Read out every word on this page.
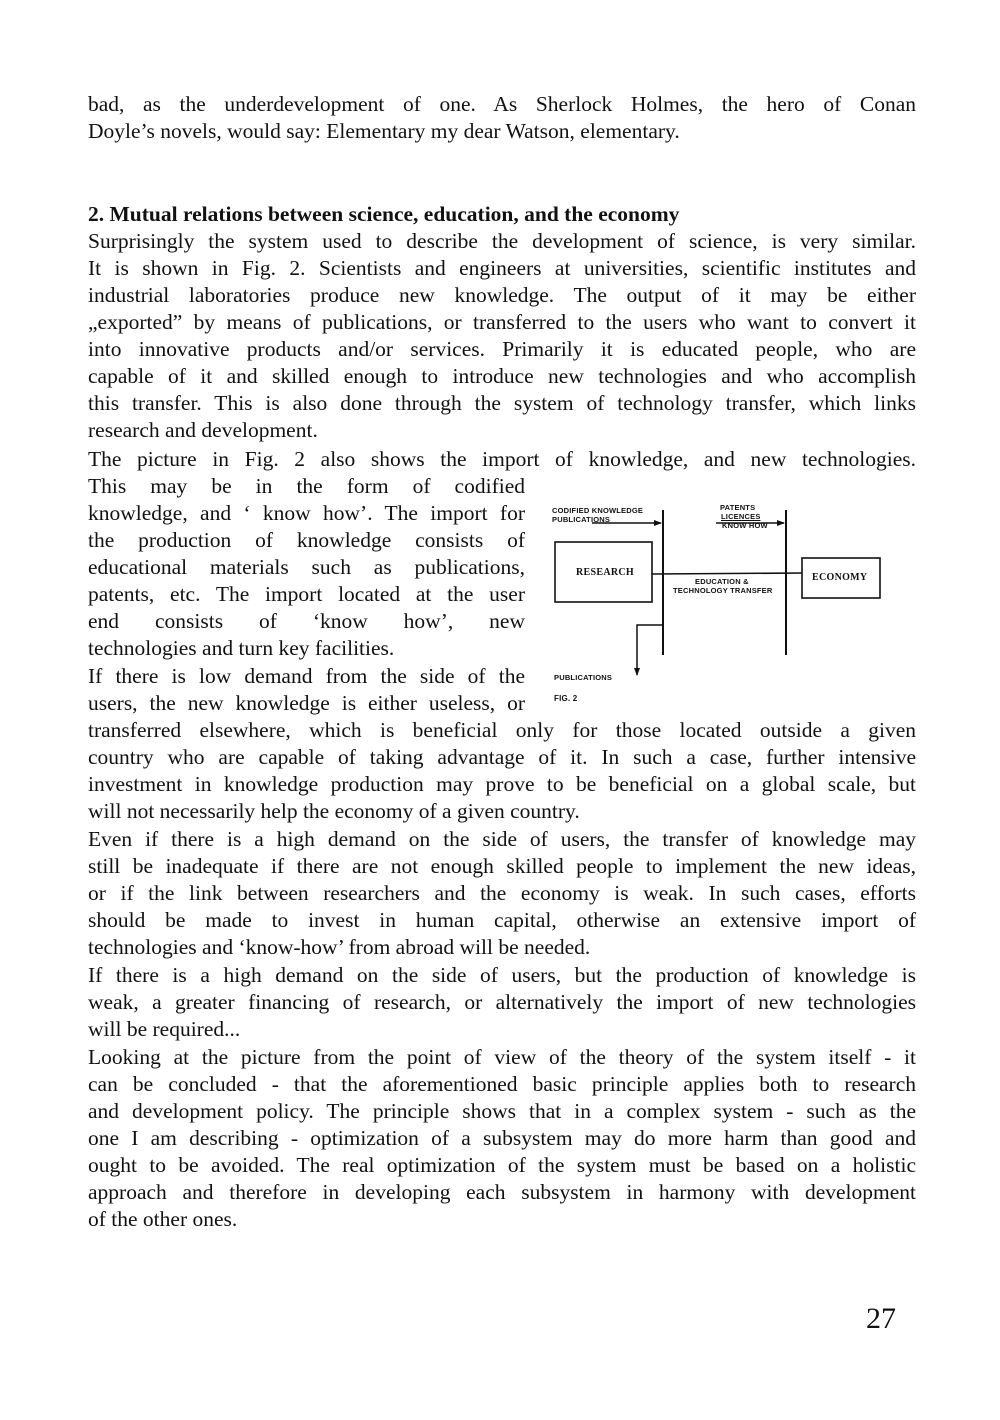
bad, as the underdevelopment of one. As Sherlock Holmes, the hero of Conan
Doyle’s novels, would say: Elementary my dear Watson, elementary.
2. Mutual relations between science, education, and the economy
Surprisingly the system used to describe the development of science, is very similar.
It is shown in Fig. 2. Scientists and engineers at universities, scientific institutes and
industrial laboratories produce new knowledge. The output of it may be either
„exported” by means of publications, or transferred to the users who want to convert it
into innovative products and/or services. Primarily it is educated people, who are
capable of it and skilled enough to introduce new technologies and who accomplish
this transfer. This is also done through the system of technology transfer, which links
research and development.
The picture in Fig. 2 also shows the import of knowledge, and new technologies.
This may be in the form of codified
knowledge, and ‘ know how’. The import for
the production of knowledge consists of
educational materials such as publications,
patents, etc. The import located at the user
end consists of ‘know how’, new
technologies and turn key facilities.
If there is low demand from the side of the
users, the new knowledge is either useless, or
transferred elsewhere, which is beneficial only for those located outside a given
country who are capable of taking advantage of it. In such a case, further intensive
investment in knowledge production may prove to be beneficial on a global scale, but
will not necessarily help the economy of a given country.
Even if there is a high demand on the side of users, the transfer of knowledge may
still be inadequate if there are not enough skilled people to implement the new ideas,
or if the link between researchers and the economy is weak. In such cases, efforts
should be made to invest in human capital, otherwise an extensive import of
technologies and ‘know-how’ from abroad will be needed.
If there is a high demand on the side of users, but the production of knowledge is
weak, a greater financing of research, or alternatively the import of new technologies
will be required...
Looking at the picture from the point of view of the theory of the system itself - it
can be concluded - that the aforementioned basic principle applies both to research
and development policy. The principle shows that in a complex system - such as the
one I am describing - optimization of a subsystem may do more harm than good and
ought to be avoided. The real optimization of the system must be based on a holistic
approach and therefore in developing each subsystem in harmony with development
of the other ones.
CODIFIED KNOWLEDGE
PUBLICATIONS
PATENTS
LICENCES
KNOW HOW
RESEARCH	ECONOMY
EDUCATION &
TECHNOLOGY TRANSFER
PUBLICATIONS
FIG. 2
27
